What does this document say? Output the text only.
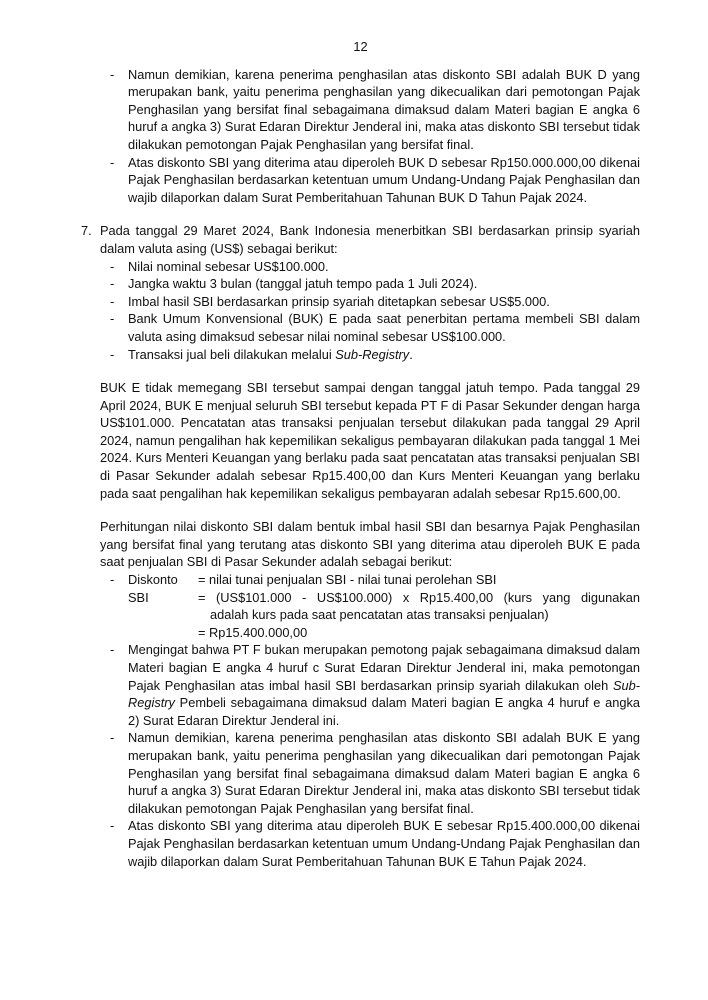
12
-	Namun demikian, karena penerima penghasilan atas diskonto SBI adalah BUK D yang merupakan bank, yaitu penerima penghasilan yang dikecualikan dari pemotongan Pajak Penghasilan yang bersifat final sebagaimana dimaksud dalam Materi bagian E angka 6 huruf a angka 3) Surat Edaran Direktur Jenderal ini, maka atas diskonto SBI tersebut tidak dilakukan pemotongan Pajak Penghasilan yang bersifat final.
-	Atas diskonto SBI yang diterima atau diperoleh BUK D sebesar Rp150.000.000,00 dikenai Pajak Penghasilan berdasarkan ketentuan umum Undang-Undang Pajak Penghasilan dan wajib dilaporkan dalam Surat Pemberitahuan Tahunan BUK D Tahun Pajak 2024.
7. Pada tanggal 29 Maret 2024, Bank Indonesia menerbitkan SBI berdasarkan prinsip syariah dalam valuta asing (US$) sebagai berikut:

-	Nilai nominal sebesar US$100.000.
-	Jangka waktu 3 bulan (tanggal jatuh tempo pada 1 Juli 2024).
-	Imbal hasil SBI berdasarkan prinsip syariah ditetapkan sebesar US$5.000.
-	Bank Umum Konvensional (BUK) E pada saat penerbitan pertama membeli SBI dalam valuta asing dimaksud sebesar nilai nominal sebesar US$100.000.
-	Transaksi jual beli dilakukan melalui Sub-Registry.

BUK E tidak memegang SBI tersebut sampai dengan tanggal jatuh tempo. Pada tanggal 29 April 2024, BUK E menjual seluruh SBI tersebut kepada PT F di Pasar Sekunder dengan harga US$101.000. Pencatatan atas transaksi penjualan tersebut dilakukan pada tanggal 29 April 2024, namun pengalihan hak kepemilikan sekaligus pembayaran dilakukan pada tanggal 1 Mei 2024. Kurs Menteri Keuangan yang berlaku pada saat pencatatan atas transaksi penjualan SBI di Pasar Sekunder adalah sebesar Rp15.400,00 dan Kurs Menteri Keuangan yang berlaku pada saat pengalihan hak kepemilikan sekaligus pembayaran adalah sebesar Rp15.600,00.

Perhitungan nilai diskonto SBI dalam bentuk imbal hasil SBI dan besarnya Pajak Penghasilan yang bersifat final yang terutang atas diskonto SBI yang diterima atau diperoleh BUK E pada saat penjualan SBI di Pasar Sekunder adalah sebagai berikut:

-	Diskonto SBI
= nilai tunai penjualan SBI - nilai tunai perolehan SBI
= (US$101.000 - US$100.000) x Rp15.400,00 (kurs yang digunakan
adalah kurs pada saat pencatatan atas transaksi penjualan)
= Rp15.400.000,00
-	Mengingat bahwa PT F bukan merupakan pemotong pajak sebagaimana dimaksud dalam Materi bagian E angka 4 huruf c Surat Edaran Direktur Jenderal ini, maka pemotongan Pajak Penghasilan atas imbal hasil SBI berdasarkan prinsip syariah dilakukan oleh Sub-Registry Pembeli sebagaimana dimaksud dalam Materi bagian E angka 4 huruf e angka 2) Surat Edaran Direktur Jenderal ini.
-	Namun demikian, karena penerima penghasilan atas diskonto SBI adalah BUK E yang merupakan bank, yaitu penerima penghasilan yang dikecualikan dari pemotongan Pajak Penghasilan yang bersifat final sebagaimana dimaksud dalam Materi bagian E angka 6 huruf a angka 3) Surat Edaran Direktur Jenderal ini, maka atas diskonto SBI tersebut tidak dilakukan pemotongan Pajak Penghasilan yang bersifat final.
-	Atas diskonto SBI yang diterima atau diperoleh BUK E sebesar Rp15.400.000,00 dikenai Pajak Penghasilan berdasarkan ketentuan umum Undang-Undang Pajak Penghasilan dan wajib dilaporkan dalam Surat Pemberitahuan Tahunan BUK E Tahun Pajak 2024.
